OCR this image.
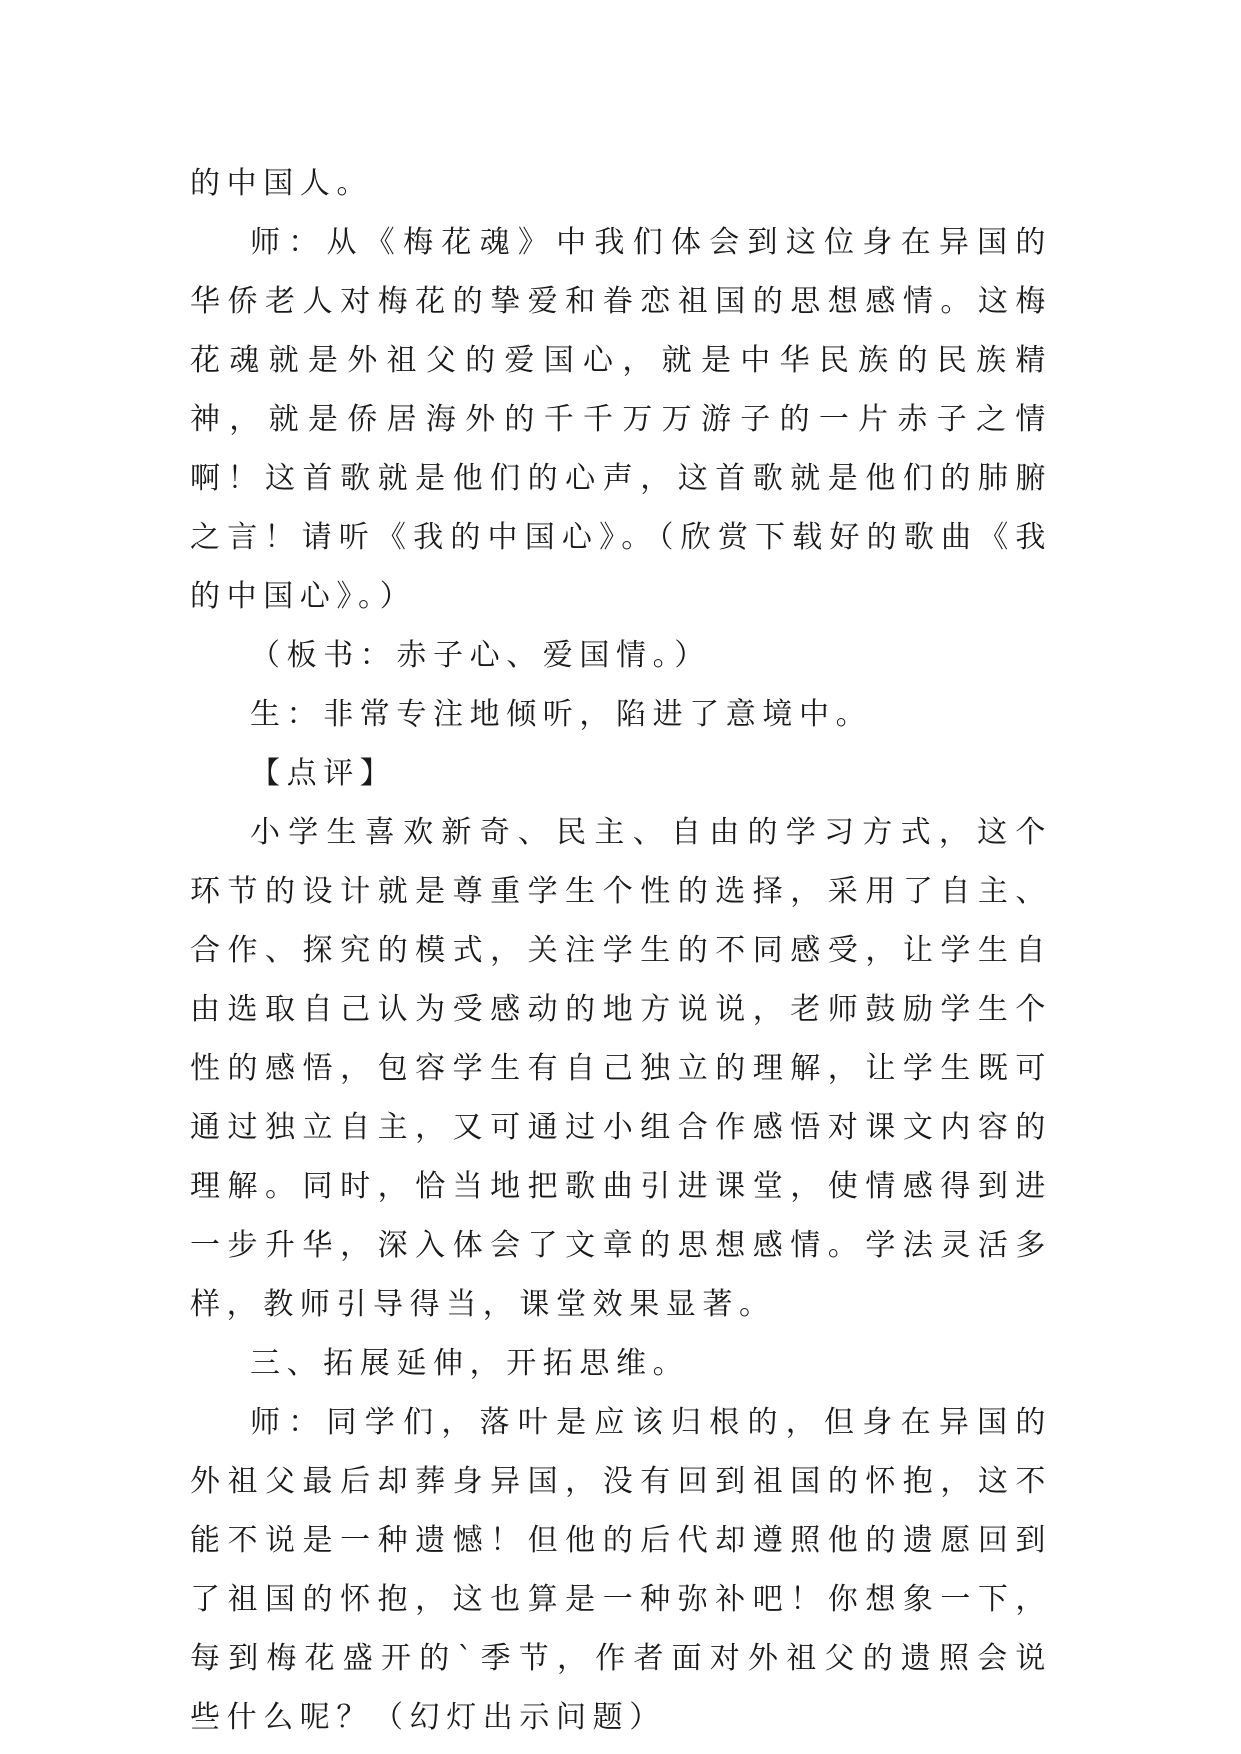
的中国人。

师：从《梅花魂》中我们体会到这位身在异国的华侨老人对梅花的挚爱和眷恋祖国的思想感情。这梅花魂就是外祖父的爱国心，就是中华民族的民族精神，就是侨居海外的千千万万游子的一片赤子之情啊！这首歌就是他们的心声，这首歌就是他们的肺腑之言！请听《我的中国心》。（欣赏下载好的歌曲《我的中国心》。）

（板书：赤子心、爱国情。）

生：非常专注地倾听，陷进了意境中。

【点评】

小学生喜欢新奇、民主、自由的学习方式，这个环节的设计就是尊重学生个性的选择，采用了自主、合作、探究的模式，关注学生的不同感受，让学生自由选取自己认为受感动的地方说说，老师鼓励学生个性的感悟，包容学生有自己独立的理解，让学生既可通过独立自主，又可通过小组合作感悟对课文内容的理解。同时，恰当地把歌曲引进课堂，使情感得到进一步升华，深入体会了文章的思想感情。学法灵活多样，教师引导得当，课堂效果显著。

三、拓展延伸，开拓思维。

师：同学们，落叶是应该归根的，但身在异国的外祖父最后却葬身异国，没有回到祖国的怀抱，这不能不说是一种遗憾！但他的后代却遵照他的遗愿回到了祖国的怀抱，这也算是一种弥补吧！你想象一下，每到梅花盛开的`季节，作者面对外祖父的遗照会说些什么呢？（幻灯出示问题）
